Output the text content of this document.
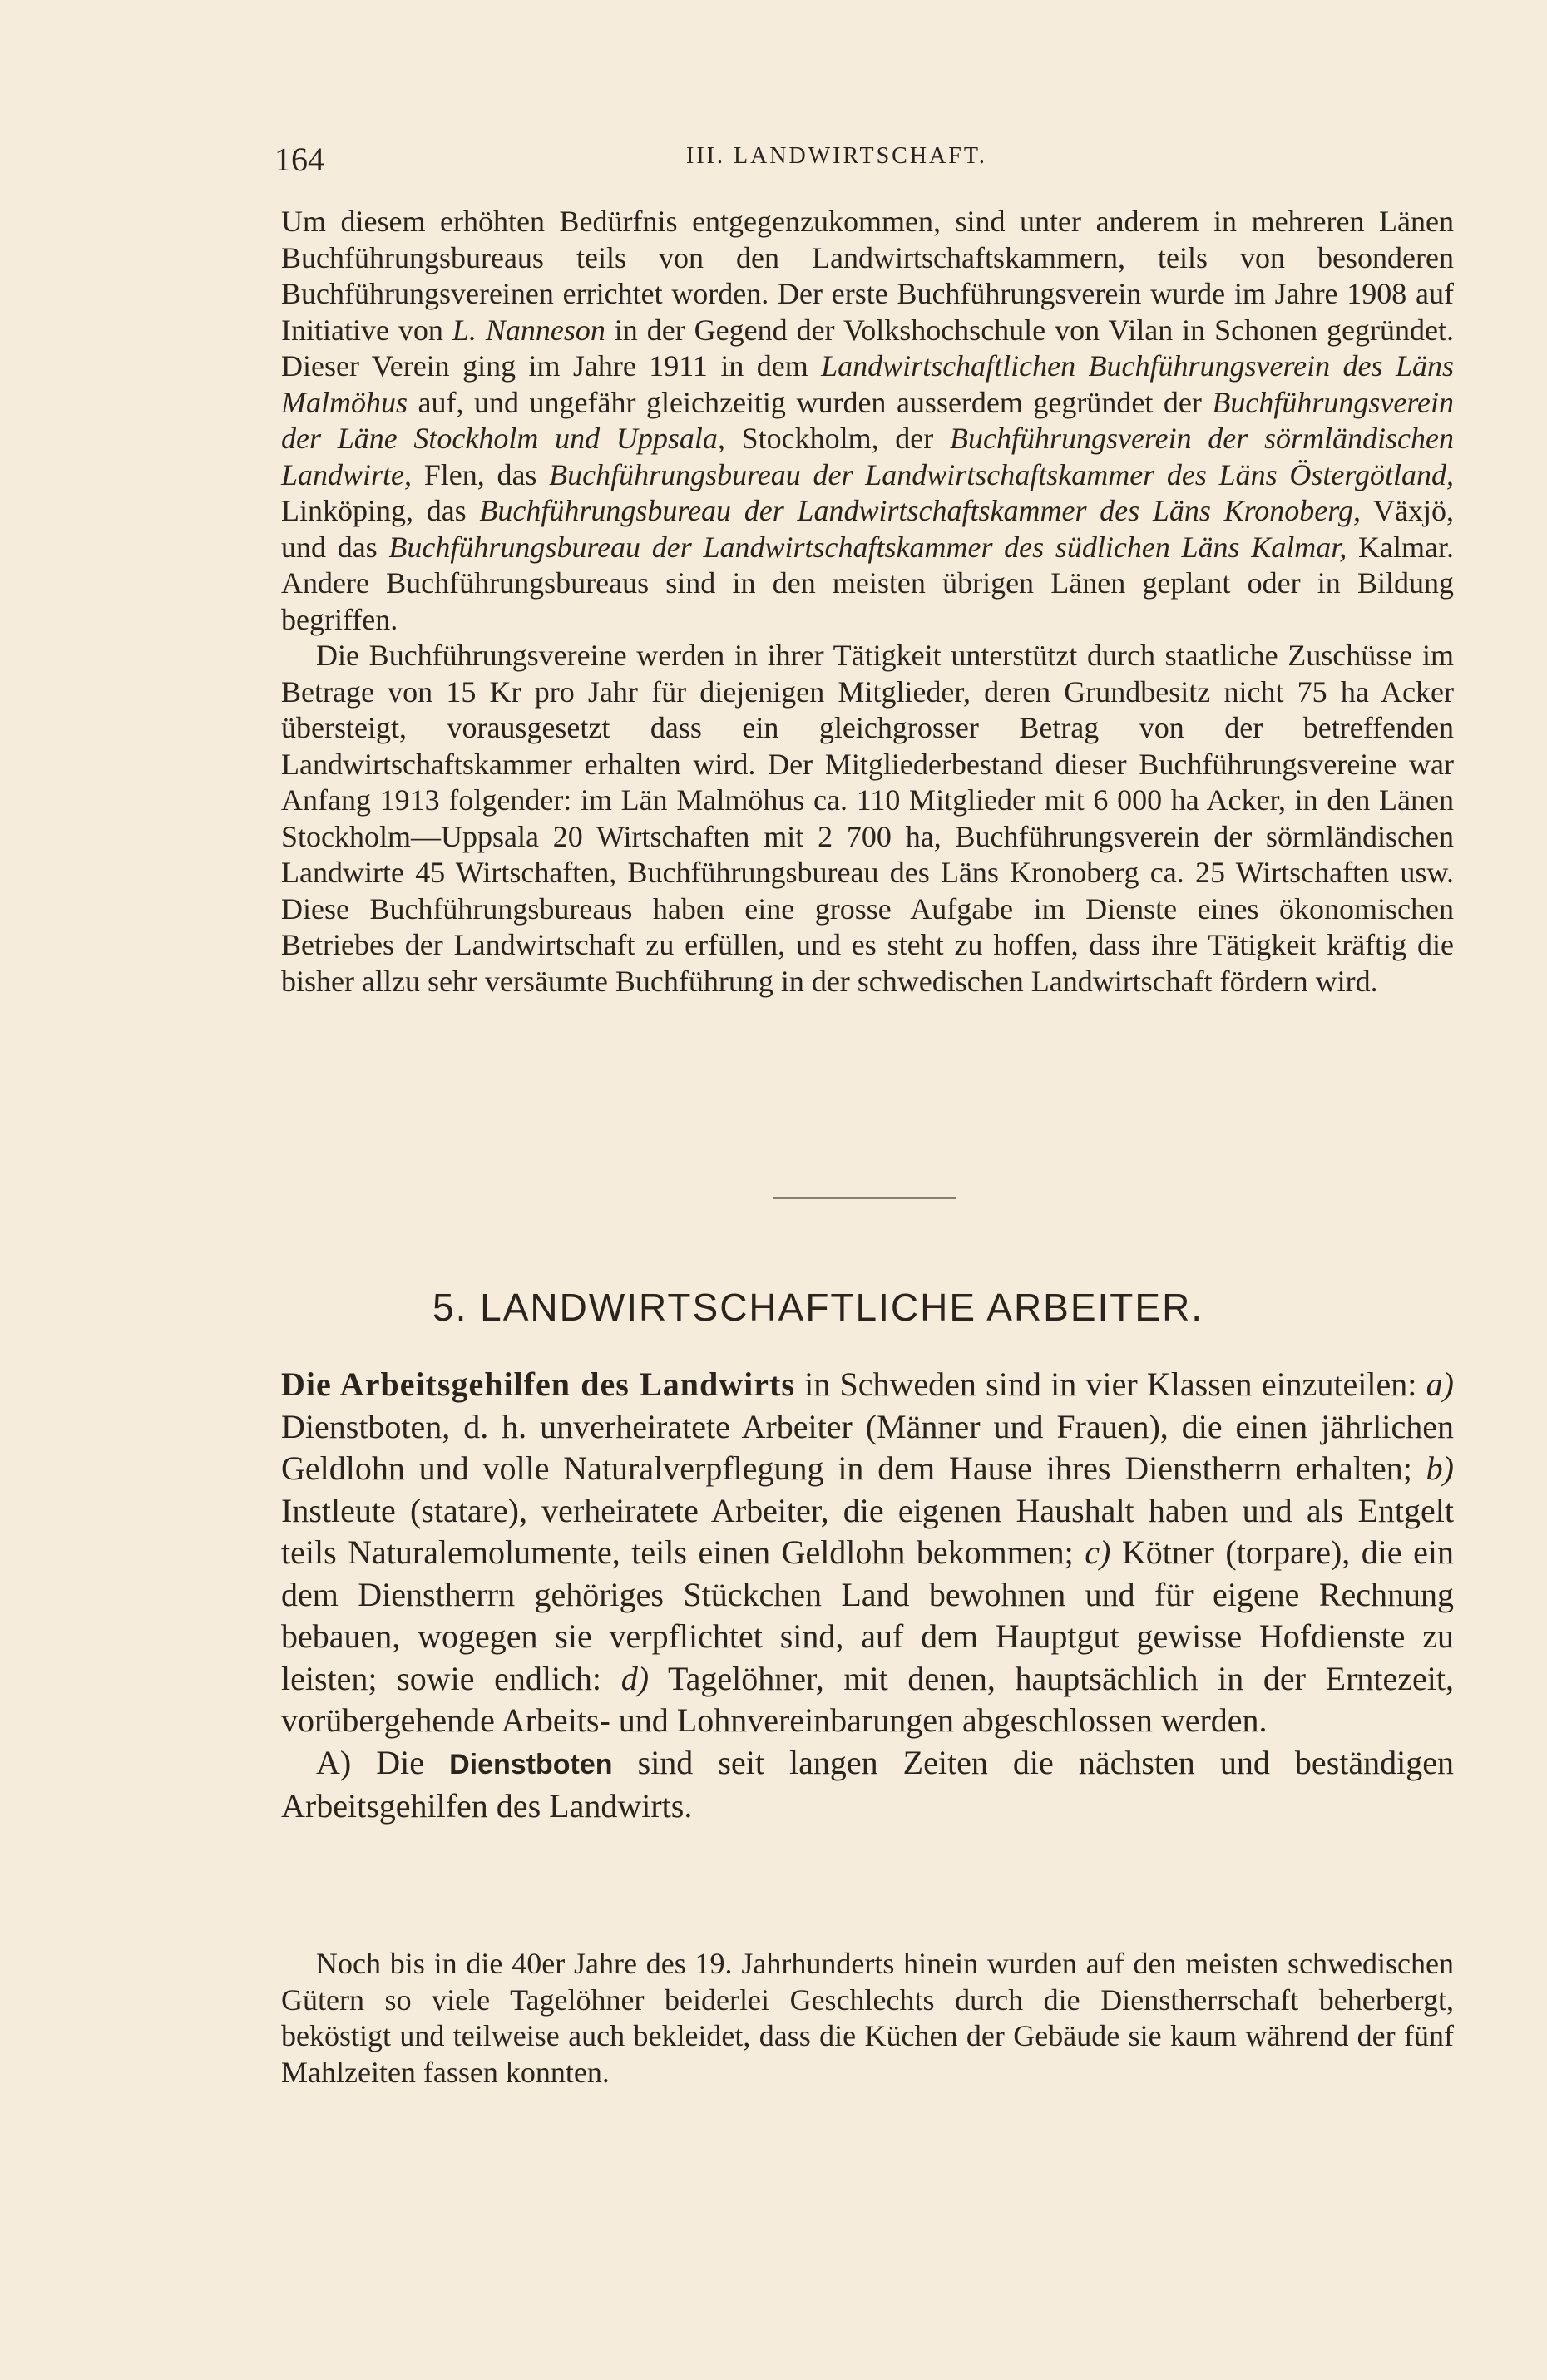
164	III. LANDWIRTSCHAFT.

Um diesem erhöhten Bedürfnis entgegenzukommen, sind unter anderem in mehreren Länen Buchführungsbureaus teils von den Landwirtschaftskammern, teils von besonderen Buchführungsvereinen errichtet worden. Der erste Buchführungsverein wurde im Jahre 1908 auf Initiative von L. Nanneson in der Gegend der Volkshochschule von Vilan in Schonen gegründet. Dieser Verein ging im Jahre 1911 in dem Landwirtschaftlichen Buchführungsverein des Läns Malmöhus auf, und ungefähr gleichzeitig wurden ausserdem gegründet der Buchführungsverein der Läne Stockholm und Uppsala, Stockholm, der Buchführungsverein der sörmländischen Landwirte, Flen, das Buchführungsbureau der Landwirtschaftskammer des Läns Östergötland, Linköping, das Buchführungsbureau der Landwirtschaftskammer des Läns Kronoberg, Växjö, und das Buchführungsbureau der Landwirtschaftskammer des südlichen Läns Kalmar, Kalmar. Andere Buchführungsbureaus sind in den meisten übrigen Länen geplant oder in Bildung begriffen.

Die Buchführungsvereine werden in ihrer Tätigkeit unterstützt durch staatliche Zuschüsse im Betrage von 15 Kr pro Jahr für diejenigen Mitglieder, deren Grundbesitz nicht 75 ha Acker übersteigt, vorausgesetzt dass ein gleichgrosser Betrag von der betreffenden Landwirtschaftskammer erhalten wird. Der Mitgliederbestand dieser Buchführungsvereine war Anfang 1913 folgender: im Län Malmöhus ca. 110 Mitglieder mit 6 000 ha Acker, in den Länen Stockholm—Uppsala 20 Wirtschaften mit 2 700 ha, Buchführungsverein der sörmländischen Landwirte 45 Wirtschaften, Buchführungsbureau des Läns Kronoberg ca. 25 Wirtschaften usw. Diese Buchführungsbureaus haben eine grosse Aufgabe im Dienste eines ökonomischen Betriebes der Landwirtschaft zu erfüllen, und es steht zu hoffen, dass ihre Tätigkeit kräftig die bisher allzu sehr versäumte Buchführung in der schwedischen Landwirtschaft fördern wird.

5. LANDWIRTSCHAFTLICHE ARBEITER.

Die Arbeitsgehilfen des Landwirts in Schweden sind in vier Klassen einzuteilen: a) Dienstboten, d. h. unverheiratete Arbeiter (Männer und Frauen), die einen jährlichen Geldlohn und volle Naturalverpflegung in dem Hause ihres Dienstherrn erhalten; b) Instleute (statare), verheiratete Arbeiter, die eigenen Haushalt haben und als Entgelt teils Naturalemolumente, teils einen Geldlohn bekommen; c) Kötner (torpare), die ein dem Dienstherrn gehöriges Stückchen Land bewohnen und für eigene Rechnung bebauen, wogegen sie verpflichtet sind, auf dem Hauptgut gewisse Hofdienste zu leisten; sowie endlich: d) Tagelöhner, mit denen, hauptsächlich in der Erntezeit, vorübergehende Arbeits- und Lohnvereinbarungen abgeschlossen werden.

A) Die Dienstboten sind seit langen Zeiten die nächsten und beständigen Arbeitsgehilfen des Landwirts.

Noch bis in die 40er Jahre des 19. Jahrhunderts hinein wurden auf den meisten schwedischen Gütern so viele Tagelöhner beiderlei Geschlechts durch die Dienstherrschaft beherbergt, beköstigt und teilweise auch bekleidet, dass die Küchen der Gebäude sie kaum während der fünf Mahlzeiten fassen konnten.
